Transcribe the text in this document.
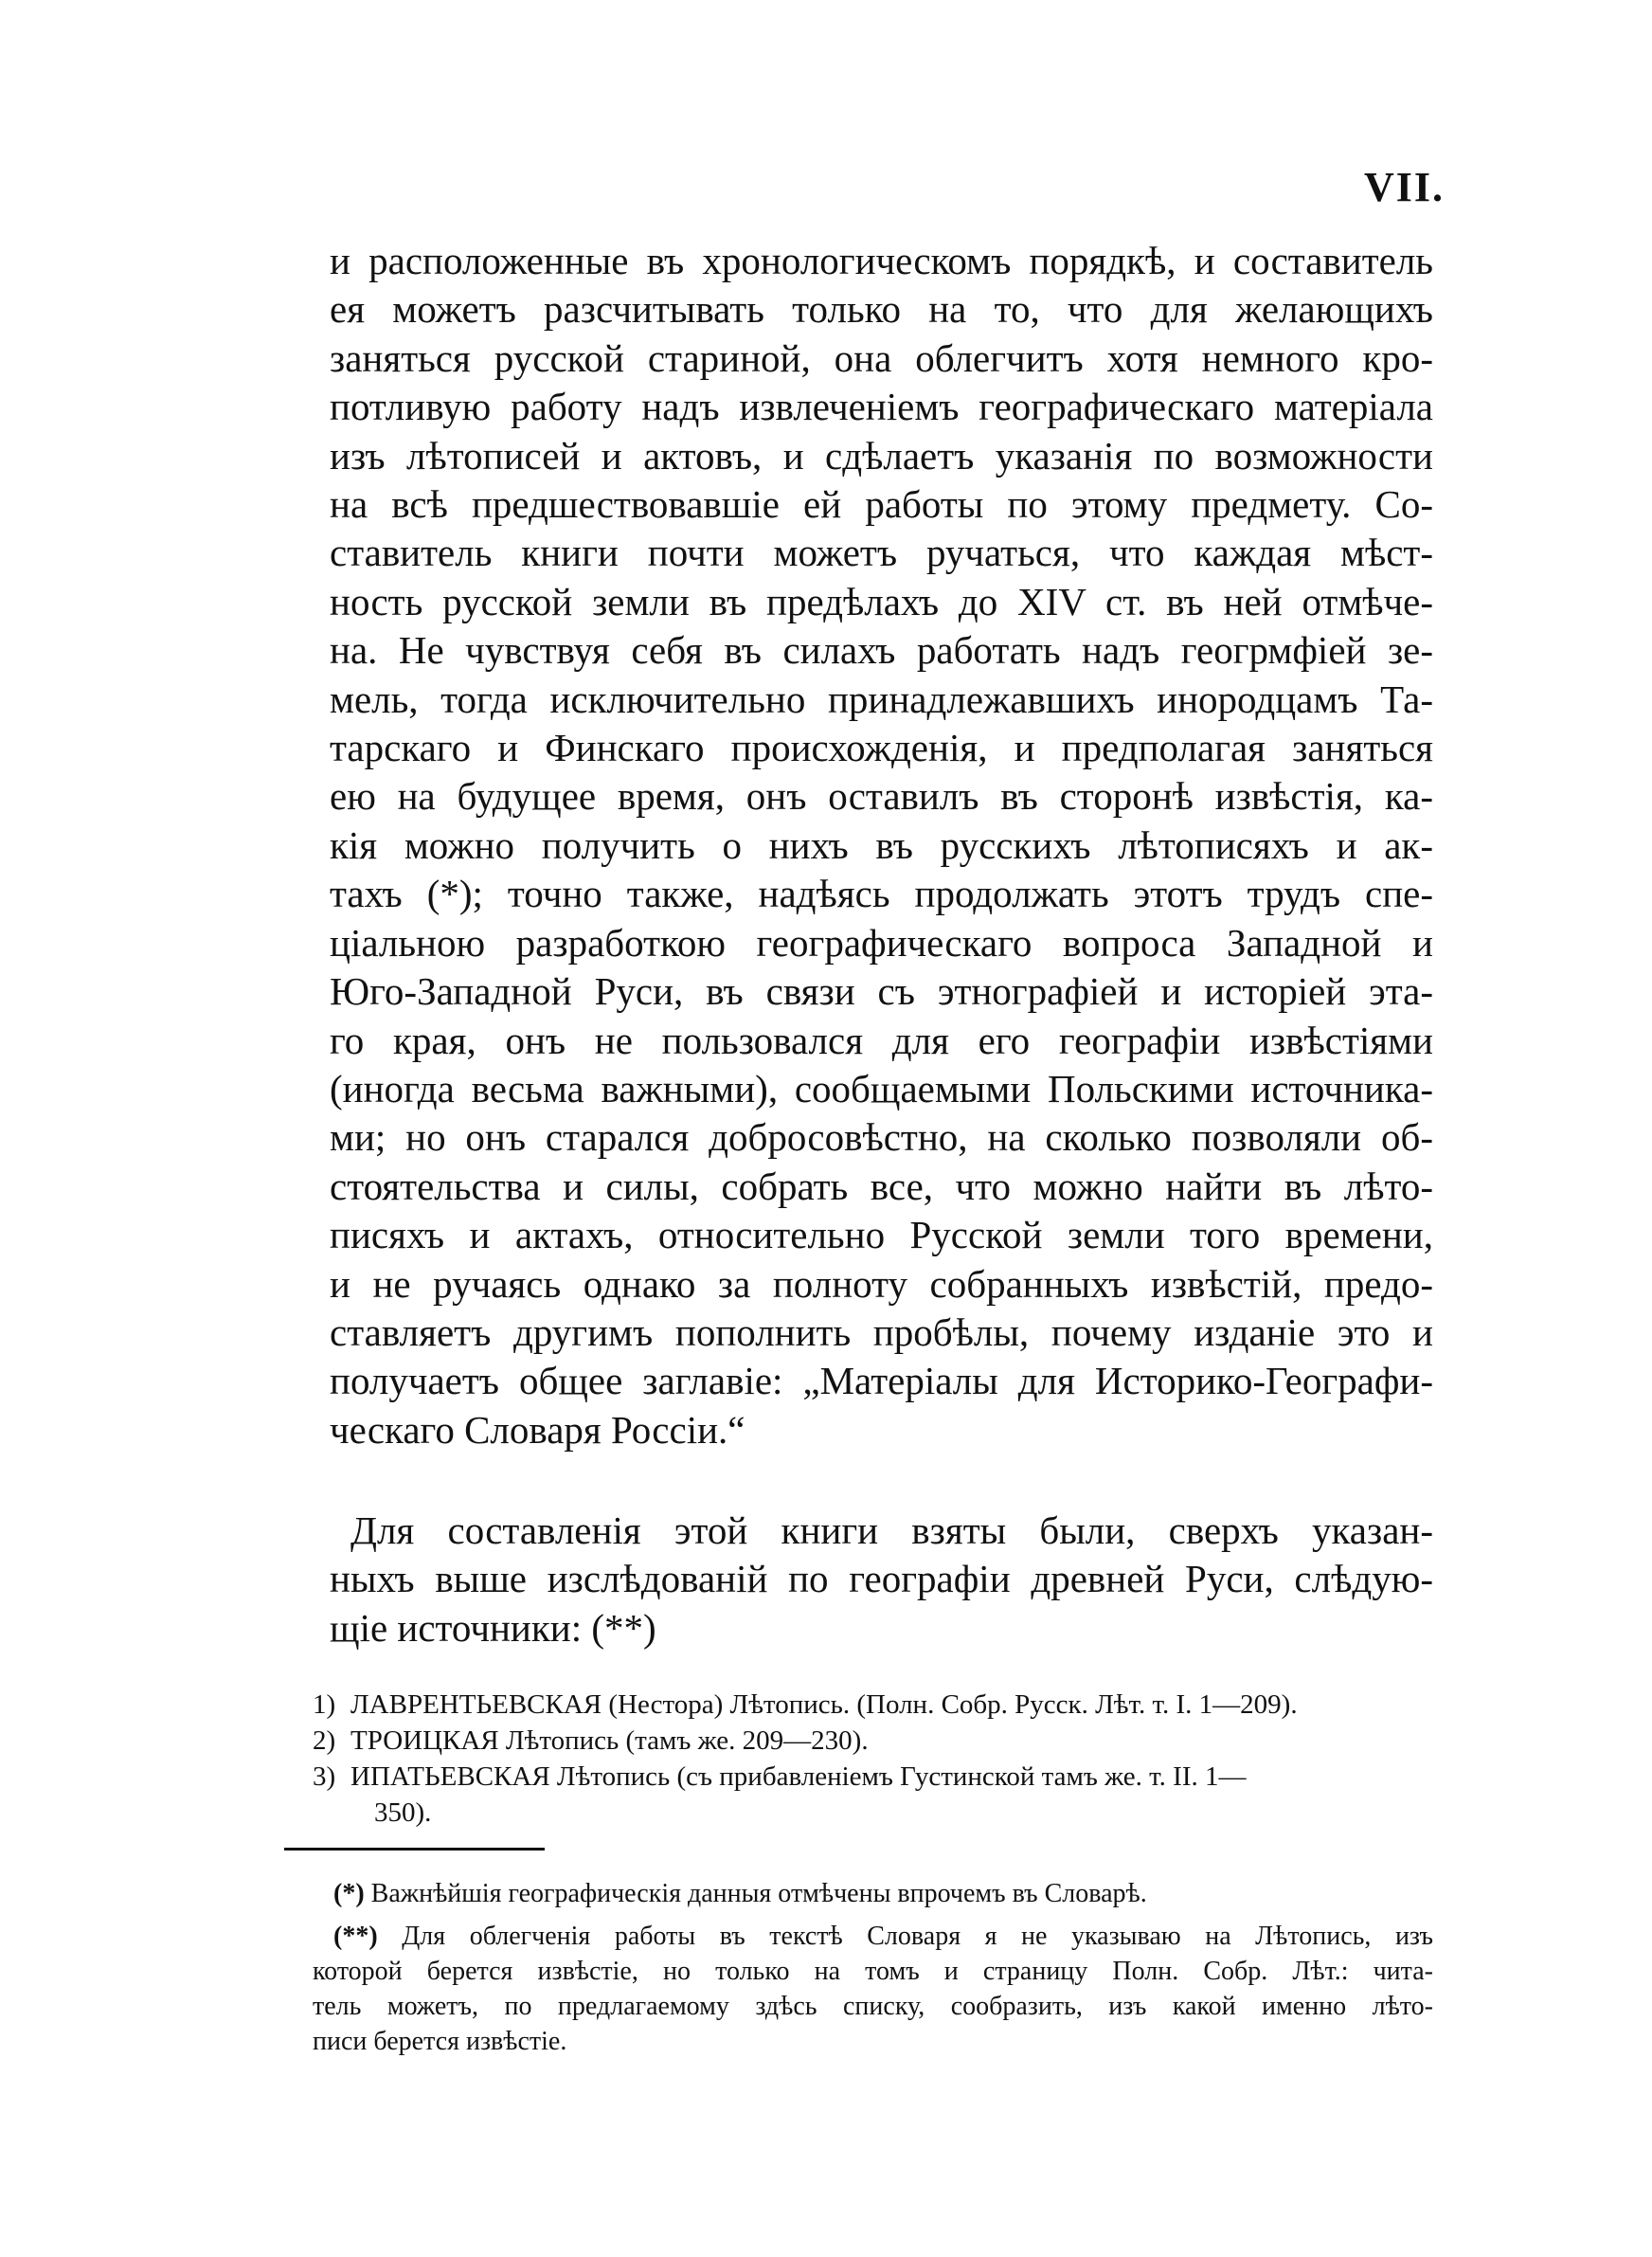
VII.
и расположенные въ хронологическомъ порядкѣ, и составитель
ея можетъ разсчитывать только на то, что для желающихъ
заняться русской стариной, она облегчитъ хотя немного кро-
потливую работу надъ извлеченiемъ географическаго матерiала
изъ лѣтописей и актовъ, и сдѣлаетъ указанiя по возможности
на всѣ предшествовавшiе ей работы по этому предмету. Со-
ставитель книги почти можетъ ручаться, что каждая мѣст-
ность русской земли въ предѣлахъ до XIV ст. въ ней отмѣче-
на. Не чувствуя себя въ силахъ работать надъ геогрмфiей зе-
мель, тогда исключительно принадлежавшихъ инородцамъ Та-
тарскаго и Финскаго происхожденiя, и предполагая заняться
ею на будущее время, онъ оставилъ въ сторонѣ извѣстiя, ка-
кiя можно получить о нихъ въ русскихъ лѣтописяхъ и ак-
тахъ (*); точно также, надѣясь продолжать этотъ трудъ спе-
цiальною разработкою географическаго вопроса Западной и
Юго-Западной Руси, въ связи съ этнографiей и исторiей эта-
го края, онъ не пользовался для его географiи извѣстiями
(иногда весьма важными), сообщаемыми Польскими источника-
ми; но онъ старался добросовѣстно, на сколько позволяли об-
стоятельства и силы, собрать все, что можно найти въ лѣто-
писяхъ и актахъ, относительно Русской земли того времени,
и не ручаясь однако за полноту собранныхъ извѣстiй, предо-
ставляетъ другимъ пополнить пробѣлы, почему изданiе это и
получаетъ общее заглавiе: „Матерiалы для Историко-Географи-
ческаго Словаря Россiи.“
Для составленiя этой книги взяты были, сверхъ указан-
ныхъ выше изслѣдованiй по географiи древней Руси, слѣдую-
щiе источники: (**)
1) ЛАВРЕНТЬЕВСКАЯ (Нестора) Лѣтопись. (Полн. Собр. Русск. Лѣт. т. I. 1—209).
2) ТРОИЦКАЯ Лѣтопись (тамъ же. 209—230).
3) ИПАТЬЕВСКАЯ Лѣтопись (съ прибавленiемъ Густинской тамъ же. т. II. 1—
350).
(*) Важнѣйшiя географическiя данныя отмѣчены впрочемъ въ Словарѣ.
(**) Для облегченiя работы въ текстѣ Словаря я не указываю на Лѣтопись, изъ
которой берется извѣстiе, но только на томъ и страницу Полн. Собр. Лѣт.: чита-
тель можетъ, по предлагаемому здѣсь списку, сообразить, изъ какой именно лѣто-
писи берется извѣстiе.
